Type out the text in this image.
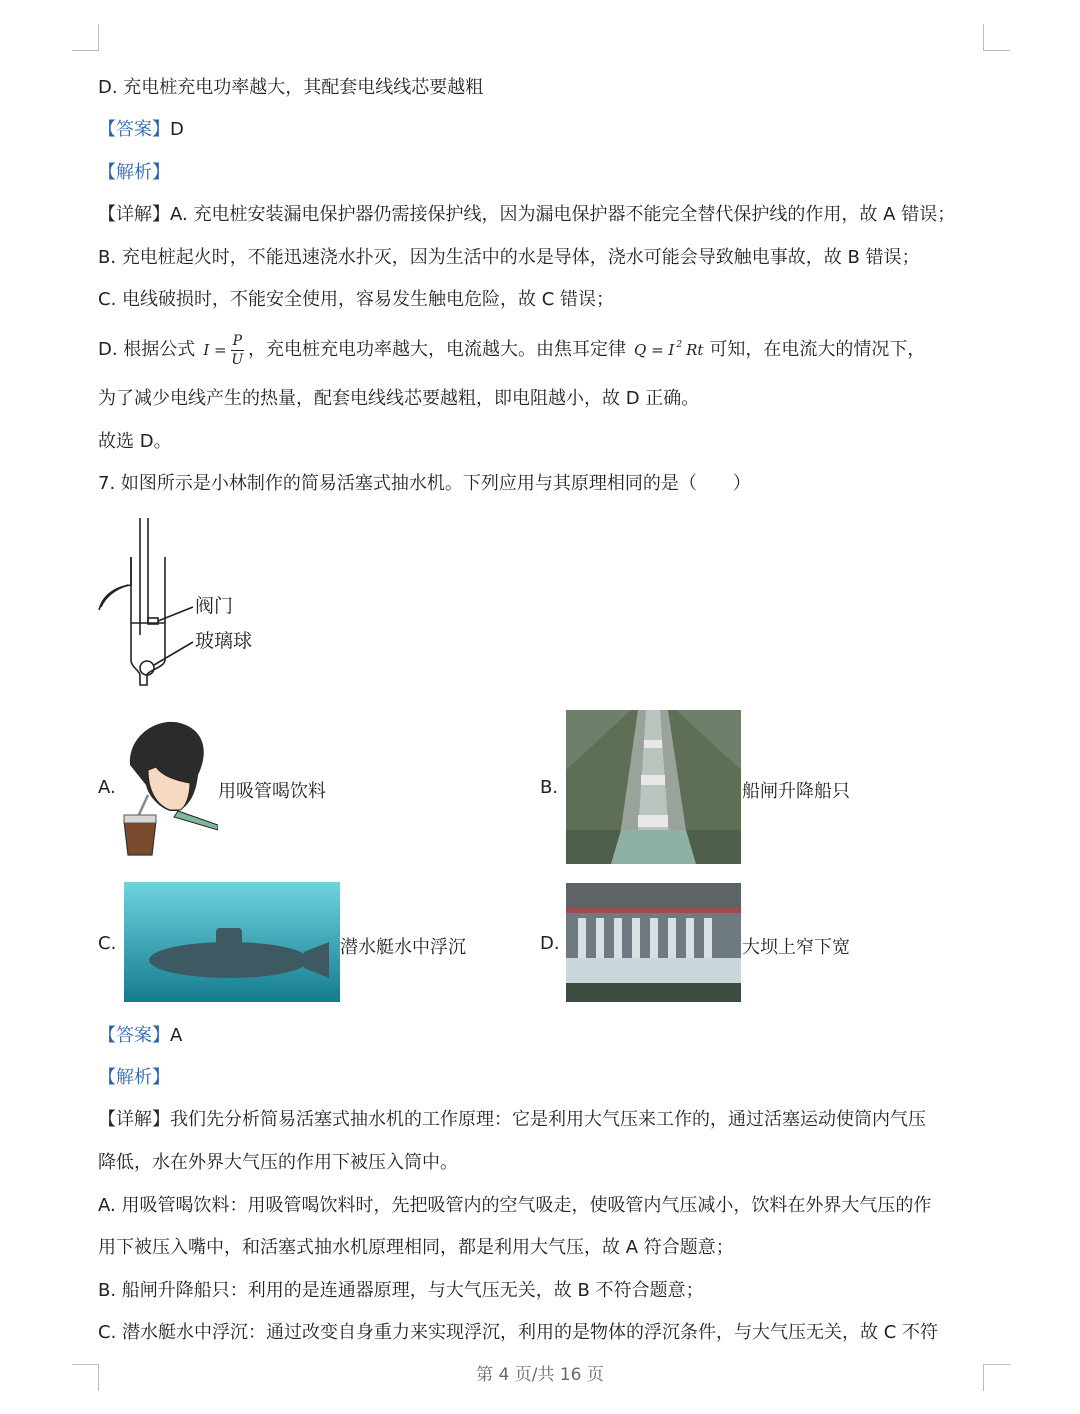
D. 充电桩充电功率越大，其配套电线线芯要越粗
【答案】D
【解析】
【详解】A. 充电桩安装漏电保护器仍需接保护线，因为漏电保护器不能完全替代保护线的作用，故 A 错误；
B. 充电桩起火时，不能迅速浇水扑灭，因为生活中的水是导体，浇水可能会导致触电事故，故 B 错误；
C. 电线破损时，不能安全使用，容易发生触电危险，故 C 错误；
D. 根据公式 $I = \frac{P}{U}$ ，充电桩充电功率越大，电流越大。由焦耳定律 $Q = I^2$ Rt 可知，在电流大的情况下，
为了减少电线产生的热量，配套电线线芯要越粗，即电阻越小，故 D 正确。
故选 D。
7. 如图所示是小林制作的简易活塞式抽水机。下列应用与其原理相同的是（　　）
阀门
玻璃球
A.	用吸管喝饮料	B.	船闸升降船只
C.	潜水艇水中浮沉	D.	大坝上窄下宽
【答案】A
【解析】
【详解】我们先分析简易活塞式抽水机的工作原理：它是利用大气压来工作的，通过活塞运动使筒内气压
降低，水在外界大气压的作用下被压入筒中。
A. 用吸管喝饮料：用吸管喝饮料时，先把吸管内的空气吸走，使吸管内气压减小，饮料在外界大气压的作
用下被压入嘴中，和活塞式抽水机原理相同，都是利用大气压，故 A 符合题意；
B. 船闸升降船只：利用的是连通器原理，与大气压无关，故 B 不符合题意；
C. 潜水艇水中浮沉：通过改变自身重力来实现浮沉，利用的是物体的浮沉条件，与大气压无关，故 C 不符
第 4 页/共 16 页
